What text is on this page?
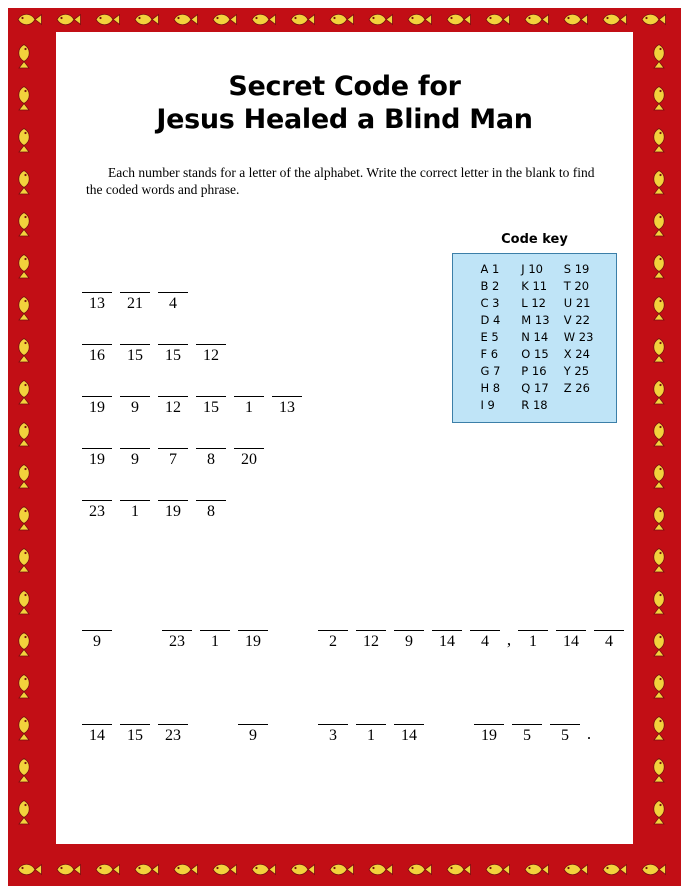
Secret Code for
Jesus Healed a Blind Man
Each number stands for a letter of the alphabet. Write the correct letter in the blank to find the coded words and phrase.
Code key
A 1	J 10	S 19
B 2	K 11	T 20
C 3	L 12	U 21
D 4	M 13	V 22
E 5	N 14	W 23
F 6	O 15	X 24
G 7	P 16	Y 25
H 8	Q 17	Z 26
I 9	R 18	
13	21	4
16	15	15	12
19	9	12	15	1	13
19	9	7	8	20
23	1	19	8
9	23	1	19	2	12	9	14	4	,	1	14	4
14	15	23	9	3	1	14	19	5	5	.
